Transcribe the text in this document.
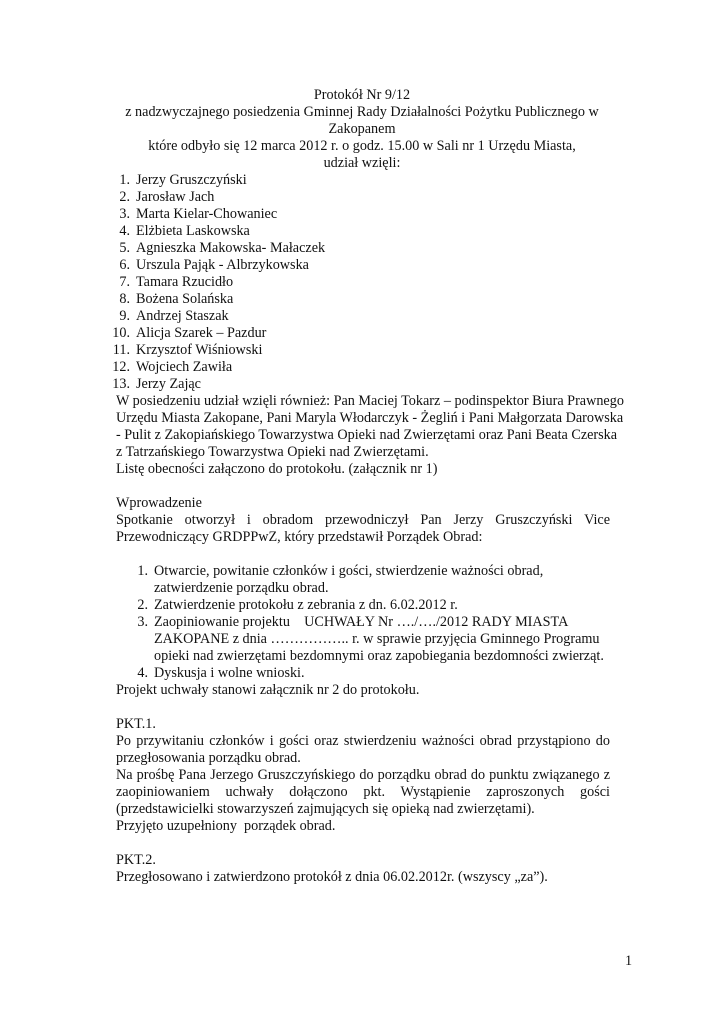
Protokół Nr 9/12
z nadzwyczajnego posiedzenia Gminnej Rady Działalności Pożytku Publicznego w
Zakopanem
które odbyło się 12 marca 2012 r. o godz. 15.00 w Sali nr 1 Urzędu Miasta,
udział wzięli:
1. Jerzy Gruszczyński
2. Jarosław Jach
3. Marta Kielar-Chowaniec
4. Elżbieta Laskowska
5. Agnieszka Makowska- Małaczek
6. Urszula Pająk - Albrzykowska
7. Tamara Rzucidło
8. Bożena Solańska
9. Andrzej Staszak
10. Alicja Szarek – Pazdur
11. Krzysztof Wiśniowski
12. Wojciech Zawiła
13. Jerzy Zając
W posiedzeniu udział wzięli również: Pan Maciej Tokarz – podinspektor Biura Prawnego
Urzędu Miasta Zakopane, Pani Maryla Włodarczyk - Żegliń i Pani Małgorzata Darowska
- Pulit z Zakopiańskiego Towarzystwa Opieki nad Zwierzętami oraz Pani Beata Czerska
z Tatrzańskiego Towarzystwa Opieki nad Zwierzętami.
Listę obecności załączono do protokołu. (załącznik nr 1)
Wprowadzenie
Spotkanie otworzył i obradom przewodniczył Pan Jerzy Gruszczyński Vice
Przewodniczący GRDPPwZ, który przedstawił Porządek Obrad:
1. Otwarcie, powitanie członków i gości, stwierdzenie ważności obrad,
zatwierdzenie porządku obrad.
2. Zatwierdzenie protokołu z zebrania z dn. 6.02.2012 r.
3. Zaopiniowanie projektu    UCHWAŁY Nr …./…./2012 RADY MIASTA
ZAKOPANE z dnia …………….. r. w sprawie przyjęcia Gminnego Programu
opieki nad zwierzętami bezdomnymi oraz zapobiegania bezdomności zwierząt.
4. Dyskusja i wolne wnioski.
Projekt uchwały stanowi załącznik nr 2 do protokołu.
PKT.1.
Po przywitaniu członków i gości oraz stwierdzeniu ważności obrad przystąpiono do
przegłosowania porządku obrad.
Na prośbę Pana Jerzego Gruszczyńskiego do porządku obrad do punktu związanego z
zaopiniowaniem uchwały dołączono pkt. Wystąpienie zaproszonych gości
(przedstawicielki stowarzyszeń zajmujących się opieką nad zwierzętami).
Przyjęto uzupełniony  porządek obrad.
PKT.2.
Przegłosowano i zatwierdzono protokół z dnia 06.02.2012r. (wszyscy „za”).
1
